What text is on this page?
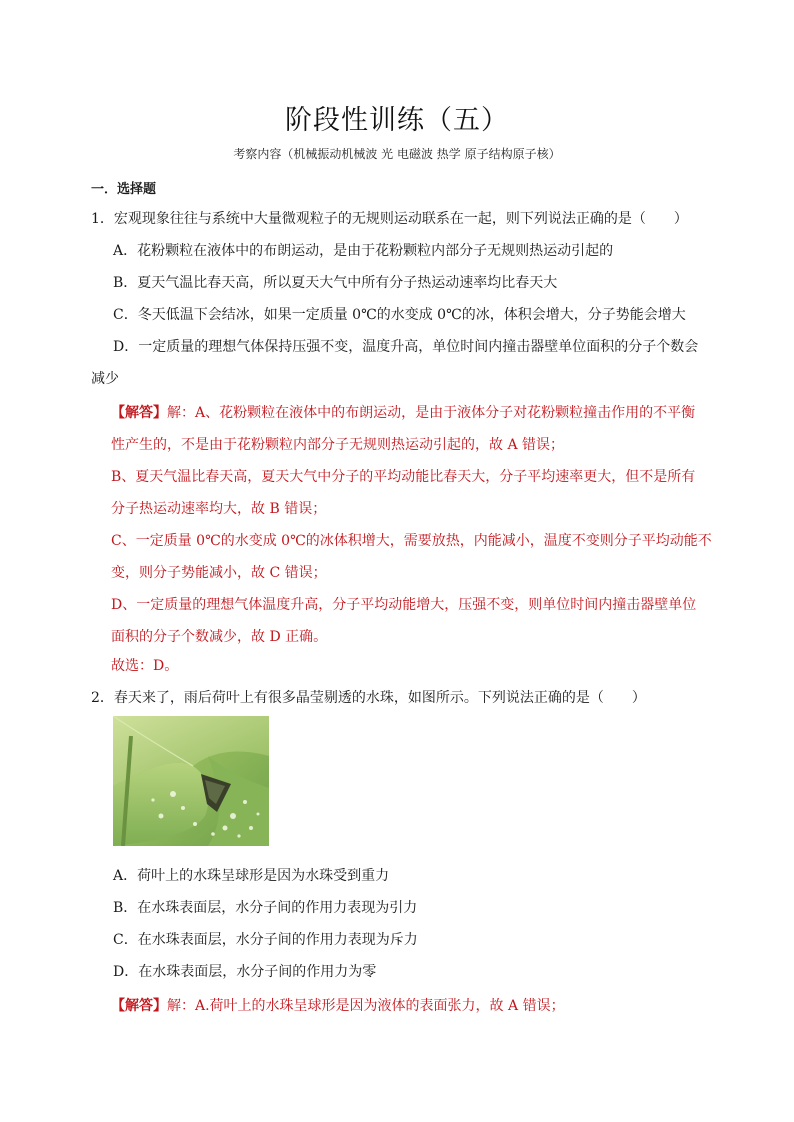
阶段性训练（五）
考察内容（机械振动机械波 光 电磁波 热学 原子结构原子核）
一．选择题
1．宏观现象往往与系统中大量微观粒子的无规则运动联系在一起，则下列说法正确的是（　　）
A．花粉颗粒在液体中的布朗运动，是由于花粉颗粒内部分子无规则热运动引起的
B．夏天气温比春天高，所以夏天大气中所有分子热运动速率均比春天大
C．冬天低温下会结冰，如果一定质量 0℃的水变成 0℃的冰，体积会增大，分子势能会增大
D．一定质量的理想气体保持压强不变，温度升高，单位时间内撞击器壁单位面积的分子个数会
减少
【解答】解：A、花粉颗粒在液体中的布朗运动，是由于液体分子对花粉颗粒撞击作用的不平衡
性产生的，不是由于花粉颗粒内部分子无规则热运动引起的，故 A 错误；
B、夏天气温比春天高，夏天大气中分子的平均动能比春天大，分子平均速率更大，但不是所有
分子热运动速率均大，故 B 错误；
C、一定质量 0℃的水变成 0℃的冰体积增大，需要放热，内能减小，温度不变则分子平均动能不
变，则分子势能减小，故 C 错误；
D、一定质量的理想气体温度升高，分子平均动能增大，压强不变，则单位时间内撞击器壁单位
面积的分子个数减少，故 D 正确。
故选：D。
2．春天来了，雨后荷叶上有很多晶莹剔透的水珠，如图所示。下列说法正确的是（　　）
A．荷叶上的水珠呈球形是因为水珠受到重力
B．在水珠表面层，水分子间的作用力表现为引力
C．在水珠表面层，水分子间的作用力表现为斥力
D．在水珠表面层，水分子间的作用力为零
【解答】解：A.荷叶上的水珠呈球形是因为液体的表面张力，故 A 错误；
